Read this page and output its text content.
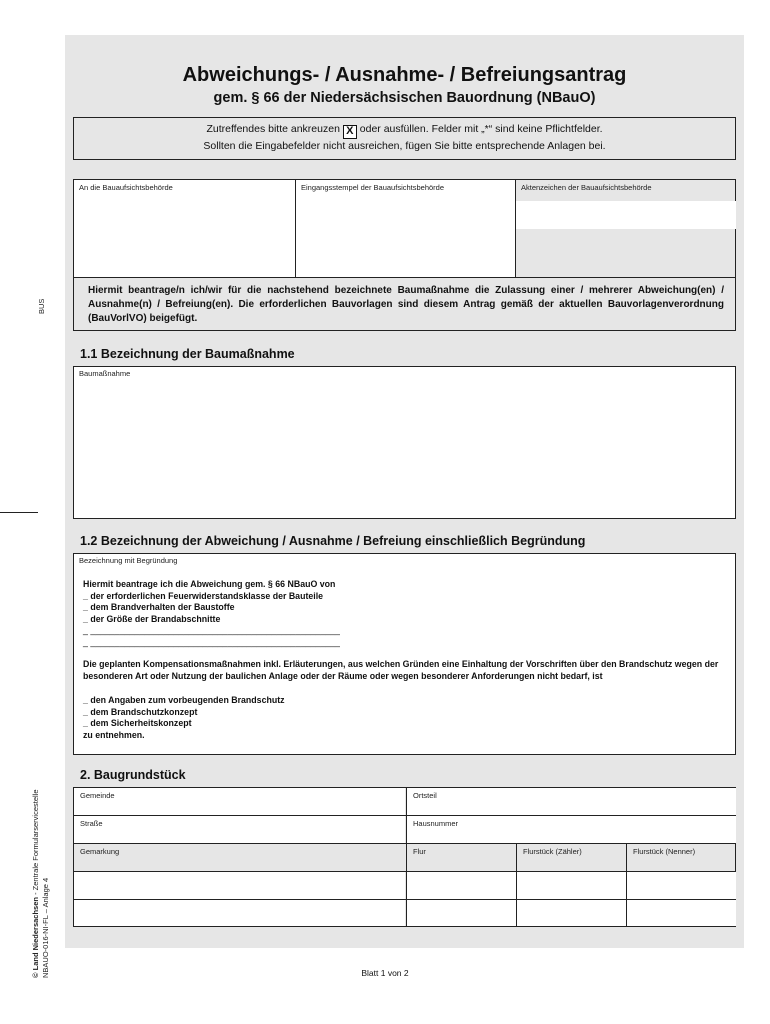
BUS
© Land Niedersachsen - Zentrale Formularservicestelle
NBAUO-016-NI-FL – Anlage 4
Abweichungs- / Ausnahme- / Befreiungsantrag
gem. § 66 der Niedersächsischen Bauordnung (NBauO)
Zutreffendes bitte ankreuzen X oder ausfüllen. Felder mit „*“ sind keine Pflichtfelder.
Sollten die Eingabefelder nicht ausreichen, fügen Sie bitte entsprechende Anlagen bei.
An die Bauaufsichtsbehörde	Eingangsstempel der Bauaufsichtsbehörde	Aktenzeichen der Bauaufsichtsbehörde
Hiermit beantrage/n ich/wir für die nachstehend bezeichnete Baumaßnahme die Zulassung einer / mehrerer Abweichung(en) / Ausnahme(n) / Befreiung(en). Die erforderlichen Bauvorlagen sind diesem Antrag gemäß der aktuellen Bauvorlagenverordnung (BauVorlVO) beigefügt.
1.1 Bezeichnung der Baumaßnahme
Baumaßnahme
1.2 Bezeichnung der Abweichung / Ausnahme / Befreiung einschließlich Begründung
Bezeichnung mit Begründung
Hiermit beantrage ich die Abweichung gem. § 66 NBauO von
_ der erforderlichen Feuerwiderstandsklasse der Bauteile
_ dem Brandverhalten der Baustoffe
_ der Größe der Brandabschnitte
_ ___________________________________________________
_ ___________________________________________________
Die geplanten Kompensationsmaßnahmen inkl. Erläuterungen, aus welchen Gründen eine Einhaltung der Vorschriften über den Brandschutz wegen der besonderen Art oder Nutzung der baulichen Anlage oder der Räume oder wegen besonderer Anforderungen nicht bedarf, ist
_ den Angaben zum vorbeugenden Brandschutz
_ dem Brandschutzkonzept
_ dem Sicherheitskonzept
zu entnehmen.
2. Baugrundstück
Gemeinde	Ortsteil
Straße	Hausnummer
Gemarkung	Flur	Flurstück (Zähler)	Flurstück (Nenner)
Blatt 1 von 2
